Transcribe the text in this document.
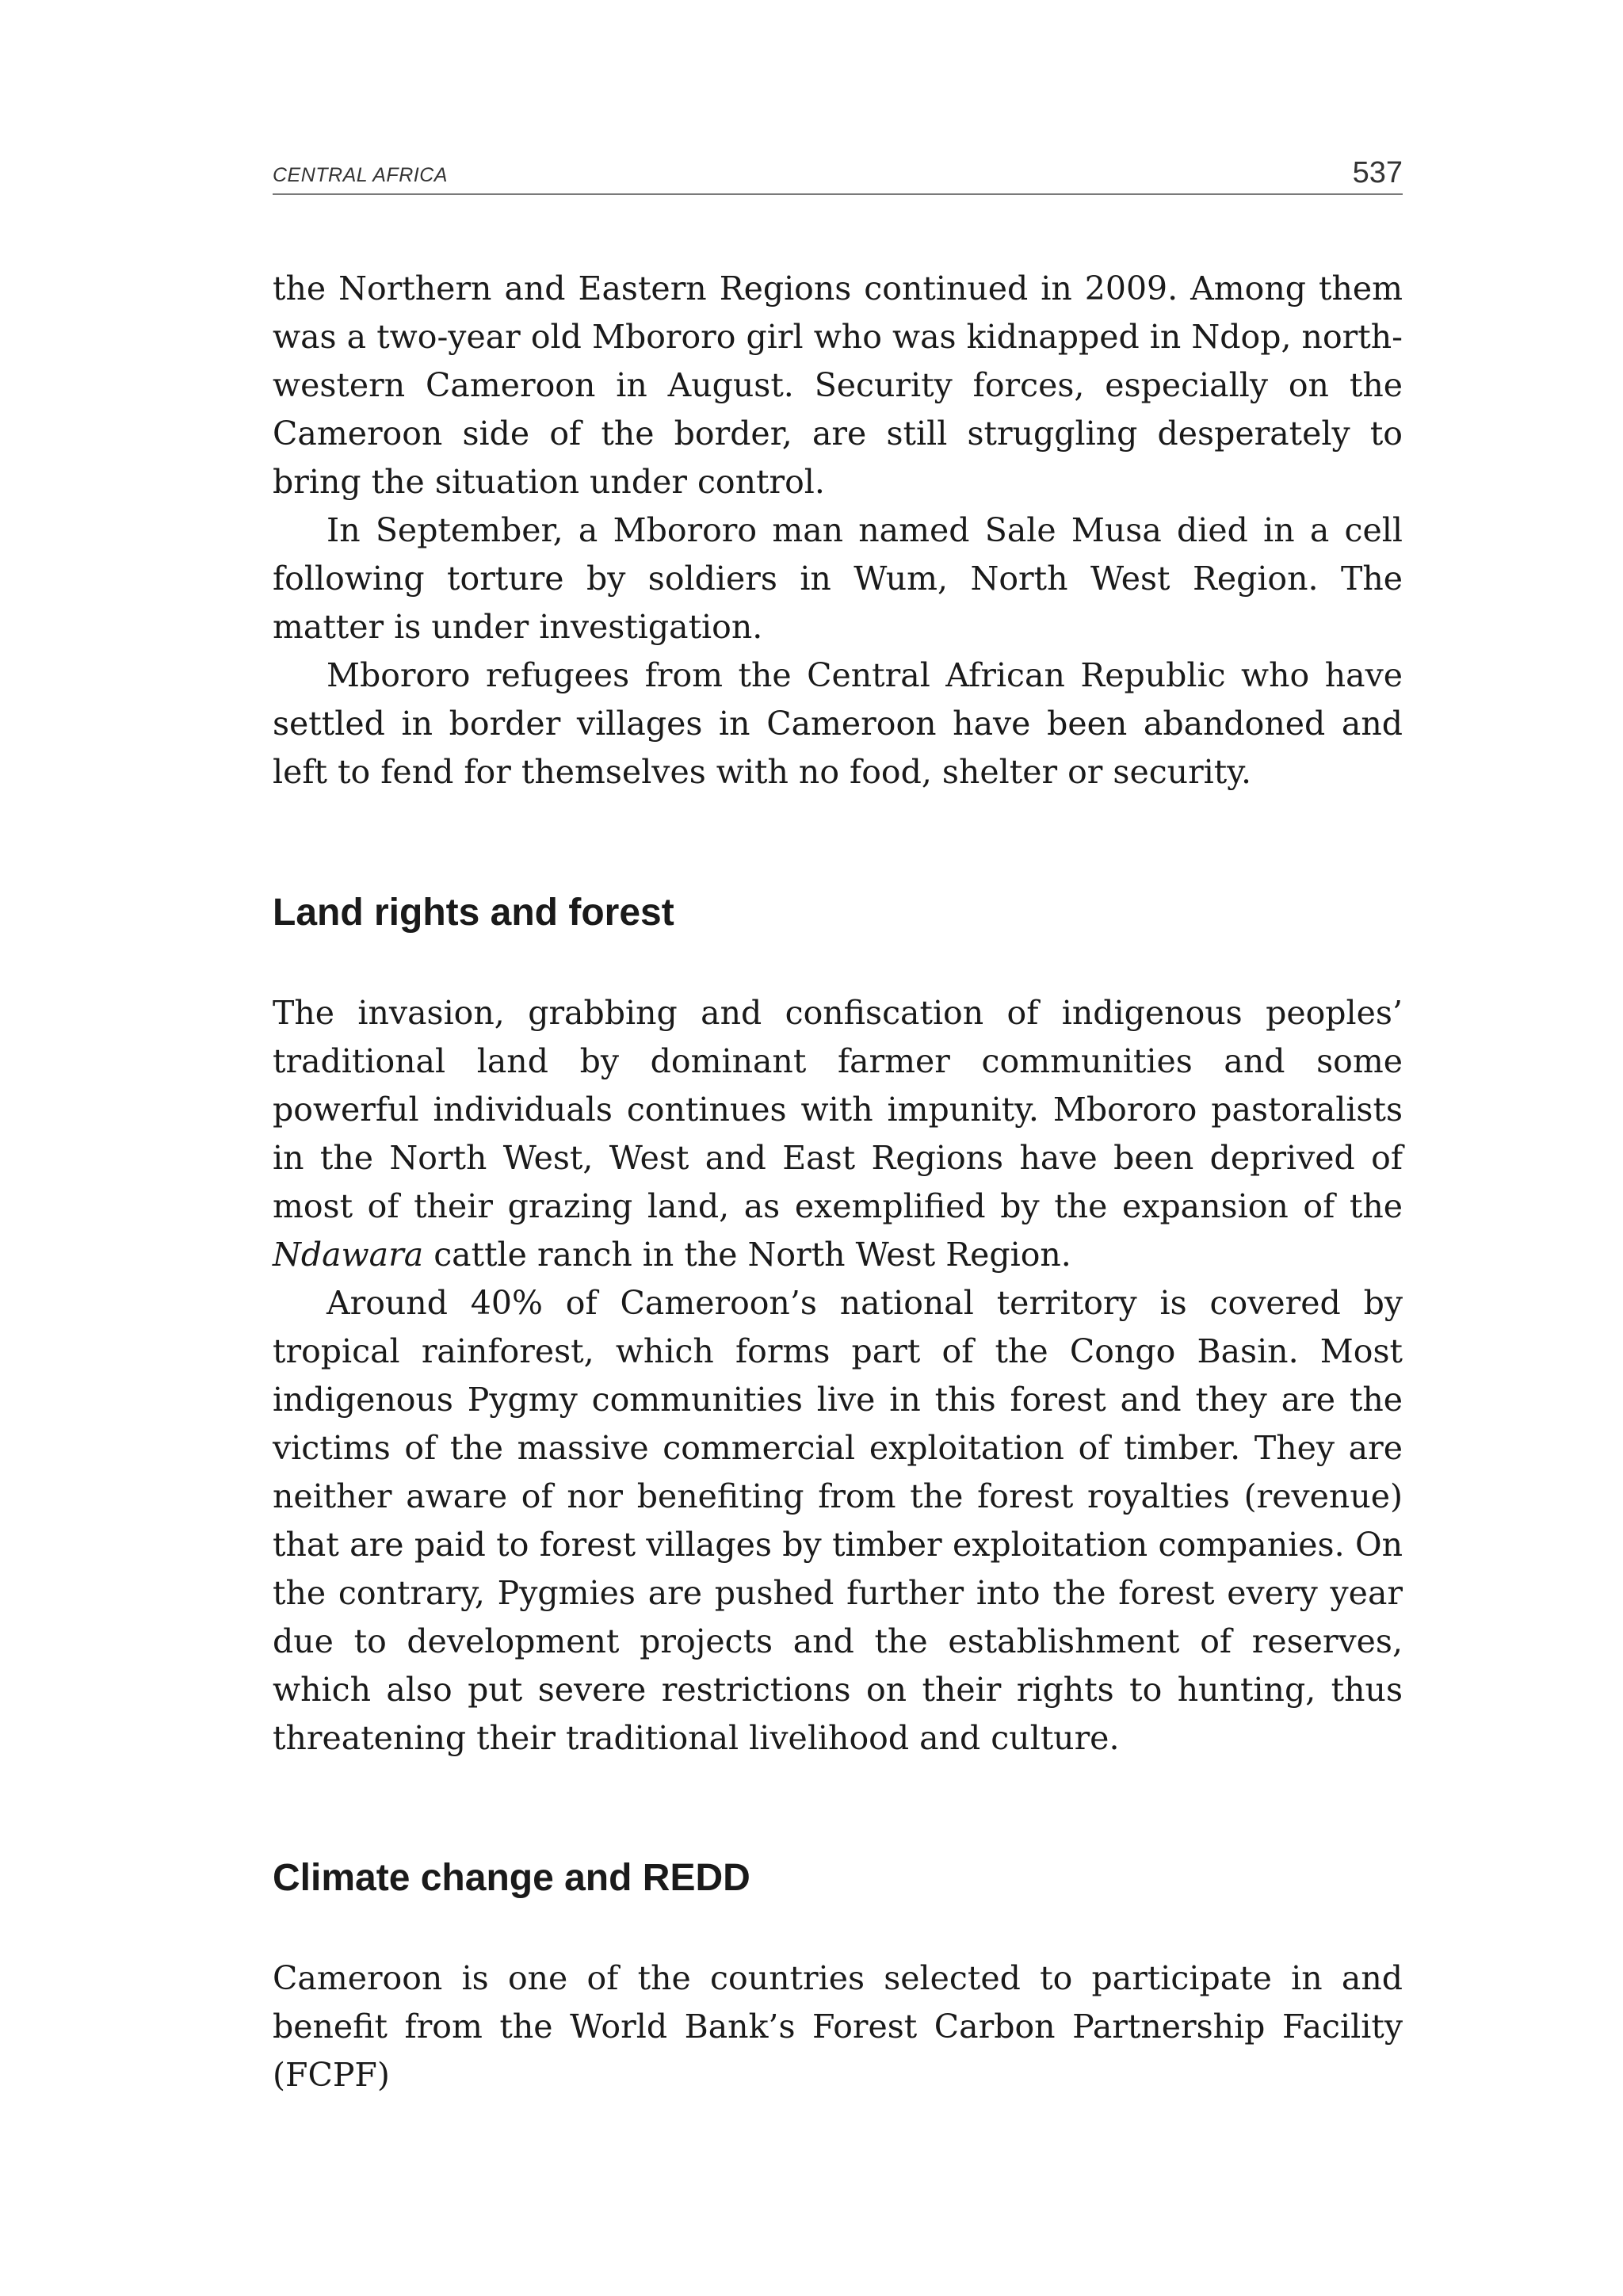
CENTRAL AFRICA	537

the Northern and Eastern Regions continued in 2009. Among them was a two-year old Mbororo girl who was kidnapped in Ndop, northwestern Cameroon in August. Security forces, especially on the Cameroon side of the border, are still struggling desperately to bring the situation under control.

In September, a Mbororo man named Sale Musa died in a cell following torture by soldiers in Wum, North West Region. The matter is under investigation.

Mbororo refugees from the Central African Republic who have settled in border villages in Cameroon have been abandoned and left to fend for themselves with no food, shelter or security.

Land rights and forest

The invasion, grabbing and confiscation of indigenous peoples’ traditional land by dominant farmer communities and some powerful individuals continues with impunity. Mbororo pastoralists in the North West, West and East Regions have been deprived of most of their grazing land, as exemplified by the expansion of the Ndawara cattle ranch in the North West Region.

Around 40% of Cameroon’s national territory is covered by tropical rainforest, which forms part of the Congo Basin. Most indigenous Pygmy communities live in this forest and they are the victims of the massive commercial exploitation of timber. They are neither aware of nor benefiting from the forest royalties (revenue) that are paid to forest villages by timber exploitation companies. On the contrary, Pygmies are pushed further into the forest every year due to development projects and the establishment of reserves, which also put severe restrictions on their rights to hunting, thus threatening their traditional livelihood and culture.

Climate change and REDD

Cameroon is one of the countries selected to participate in and benefit from the World Bank’s Forest Carbon Partnership Facility (FCPF)
